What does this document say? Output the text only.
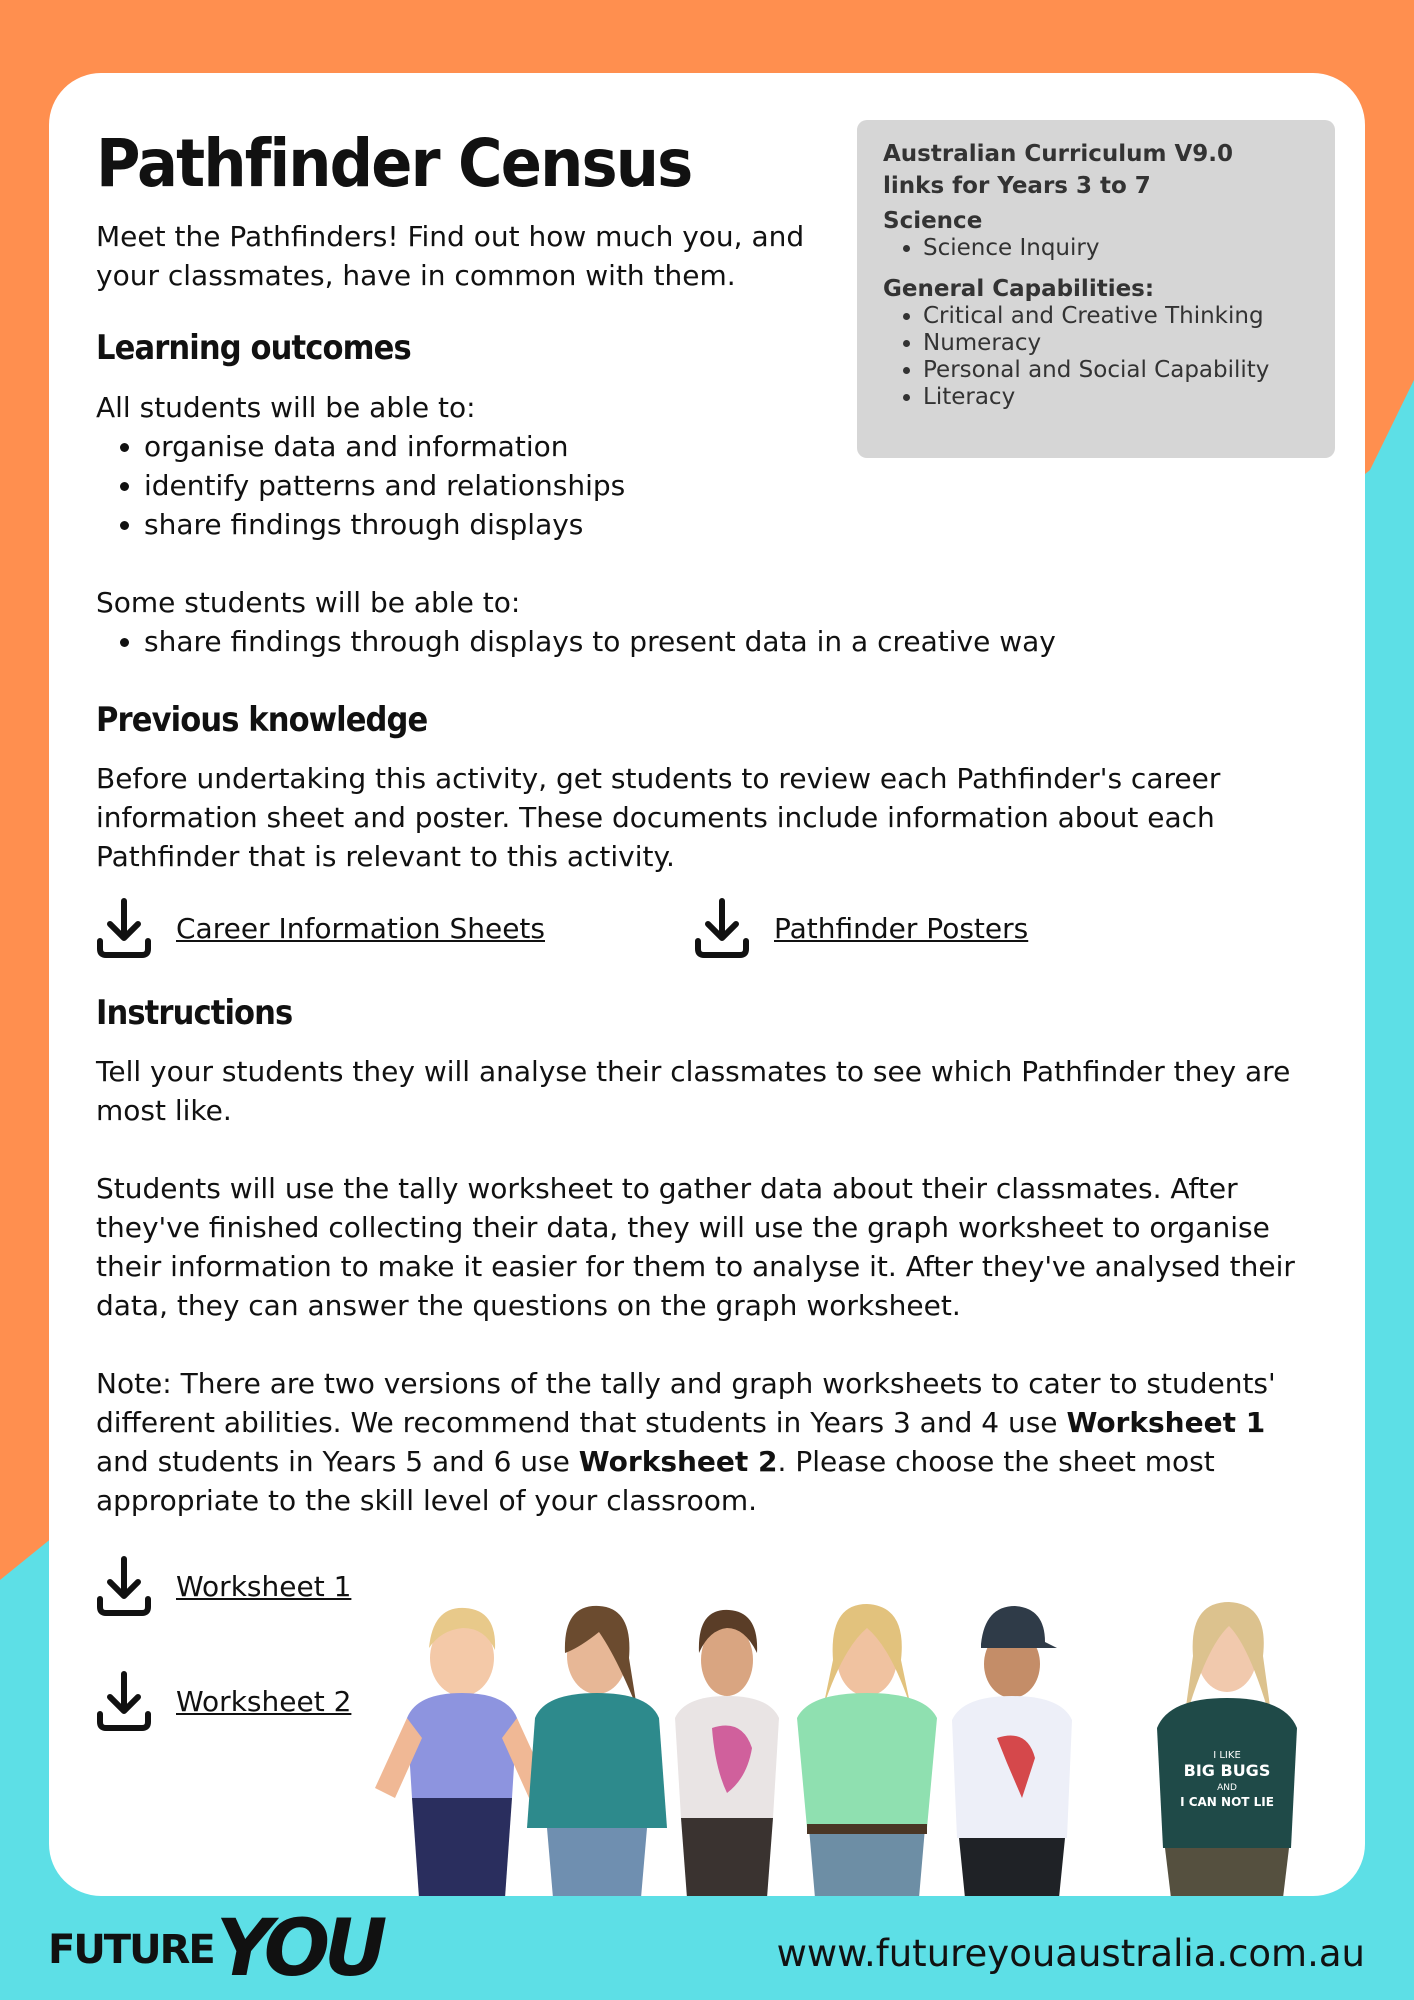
Pathfinder Census

Meet the Pathfinders! Find out how much you, and your classmates, have in common with them.

Australian Curriculum V9.0
links for Years 3 to 7

Science

• Science Inquiry

General Capabilities:

• Critical and Creative Thinking
• Numeracy
• Personal and Social Capability
• Literacy
Learning outcomes

All students will be able to:

• organise data and information
• identify patterns and relationships
• share findings through displays

Some students will be able to:

• share findings through displays to present data in a creative way
Previous knowledge

Before undertaking this activity, get students to review each Pathfinder's career information sheet and poster. These documents include information about each Pathfinder that is relevant to this activity.

Career Information Sheets	Pathfinder Posters
Instructions

Tell your students they will analyse their classmates to see which Pathfinder they are most like.

Students will use the tally worksheet to gather data about their classmates. After they've finished collecting their data, they will use the graph worksheet to organise their information to make it easier for them to analyse it. After they've analysed their data, they can answer the questions on the graph worksheet.

Note: There are two versions of the tally and graph worksheets to cater to students' different abilities. We recommend that students in Years 3 and 4 use Worksheet 1 and students in Years 5 and 6 use Worksheet 2. Please choose the sheet most appropriate to the skill level of your classroom.

Worksheet 1
Worksheet 2
I LIKE
BIG BUGS
AND
I CAN NOT LIE
FUTURE YOU	www.futureyouaustralia.com.au
